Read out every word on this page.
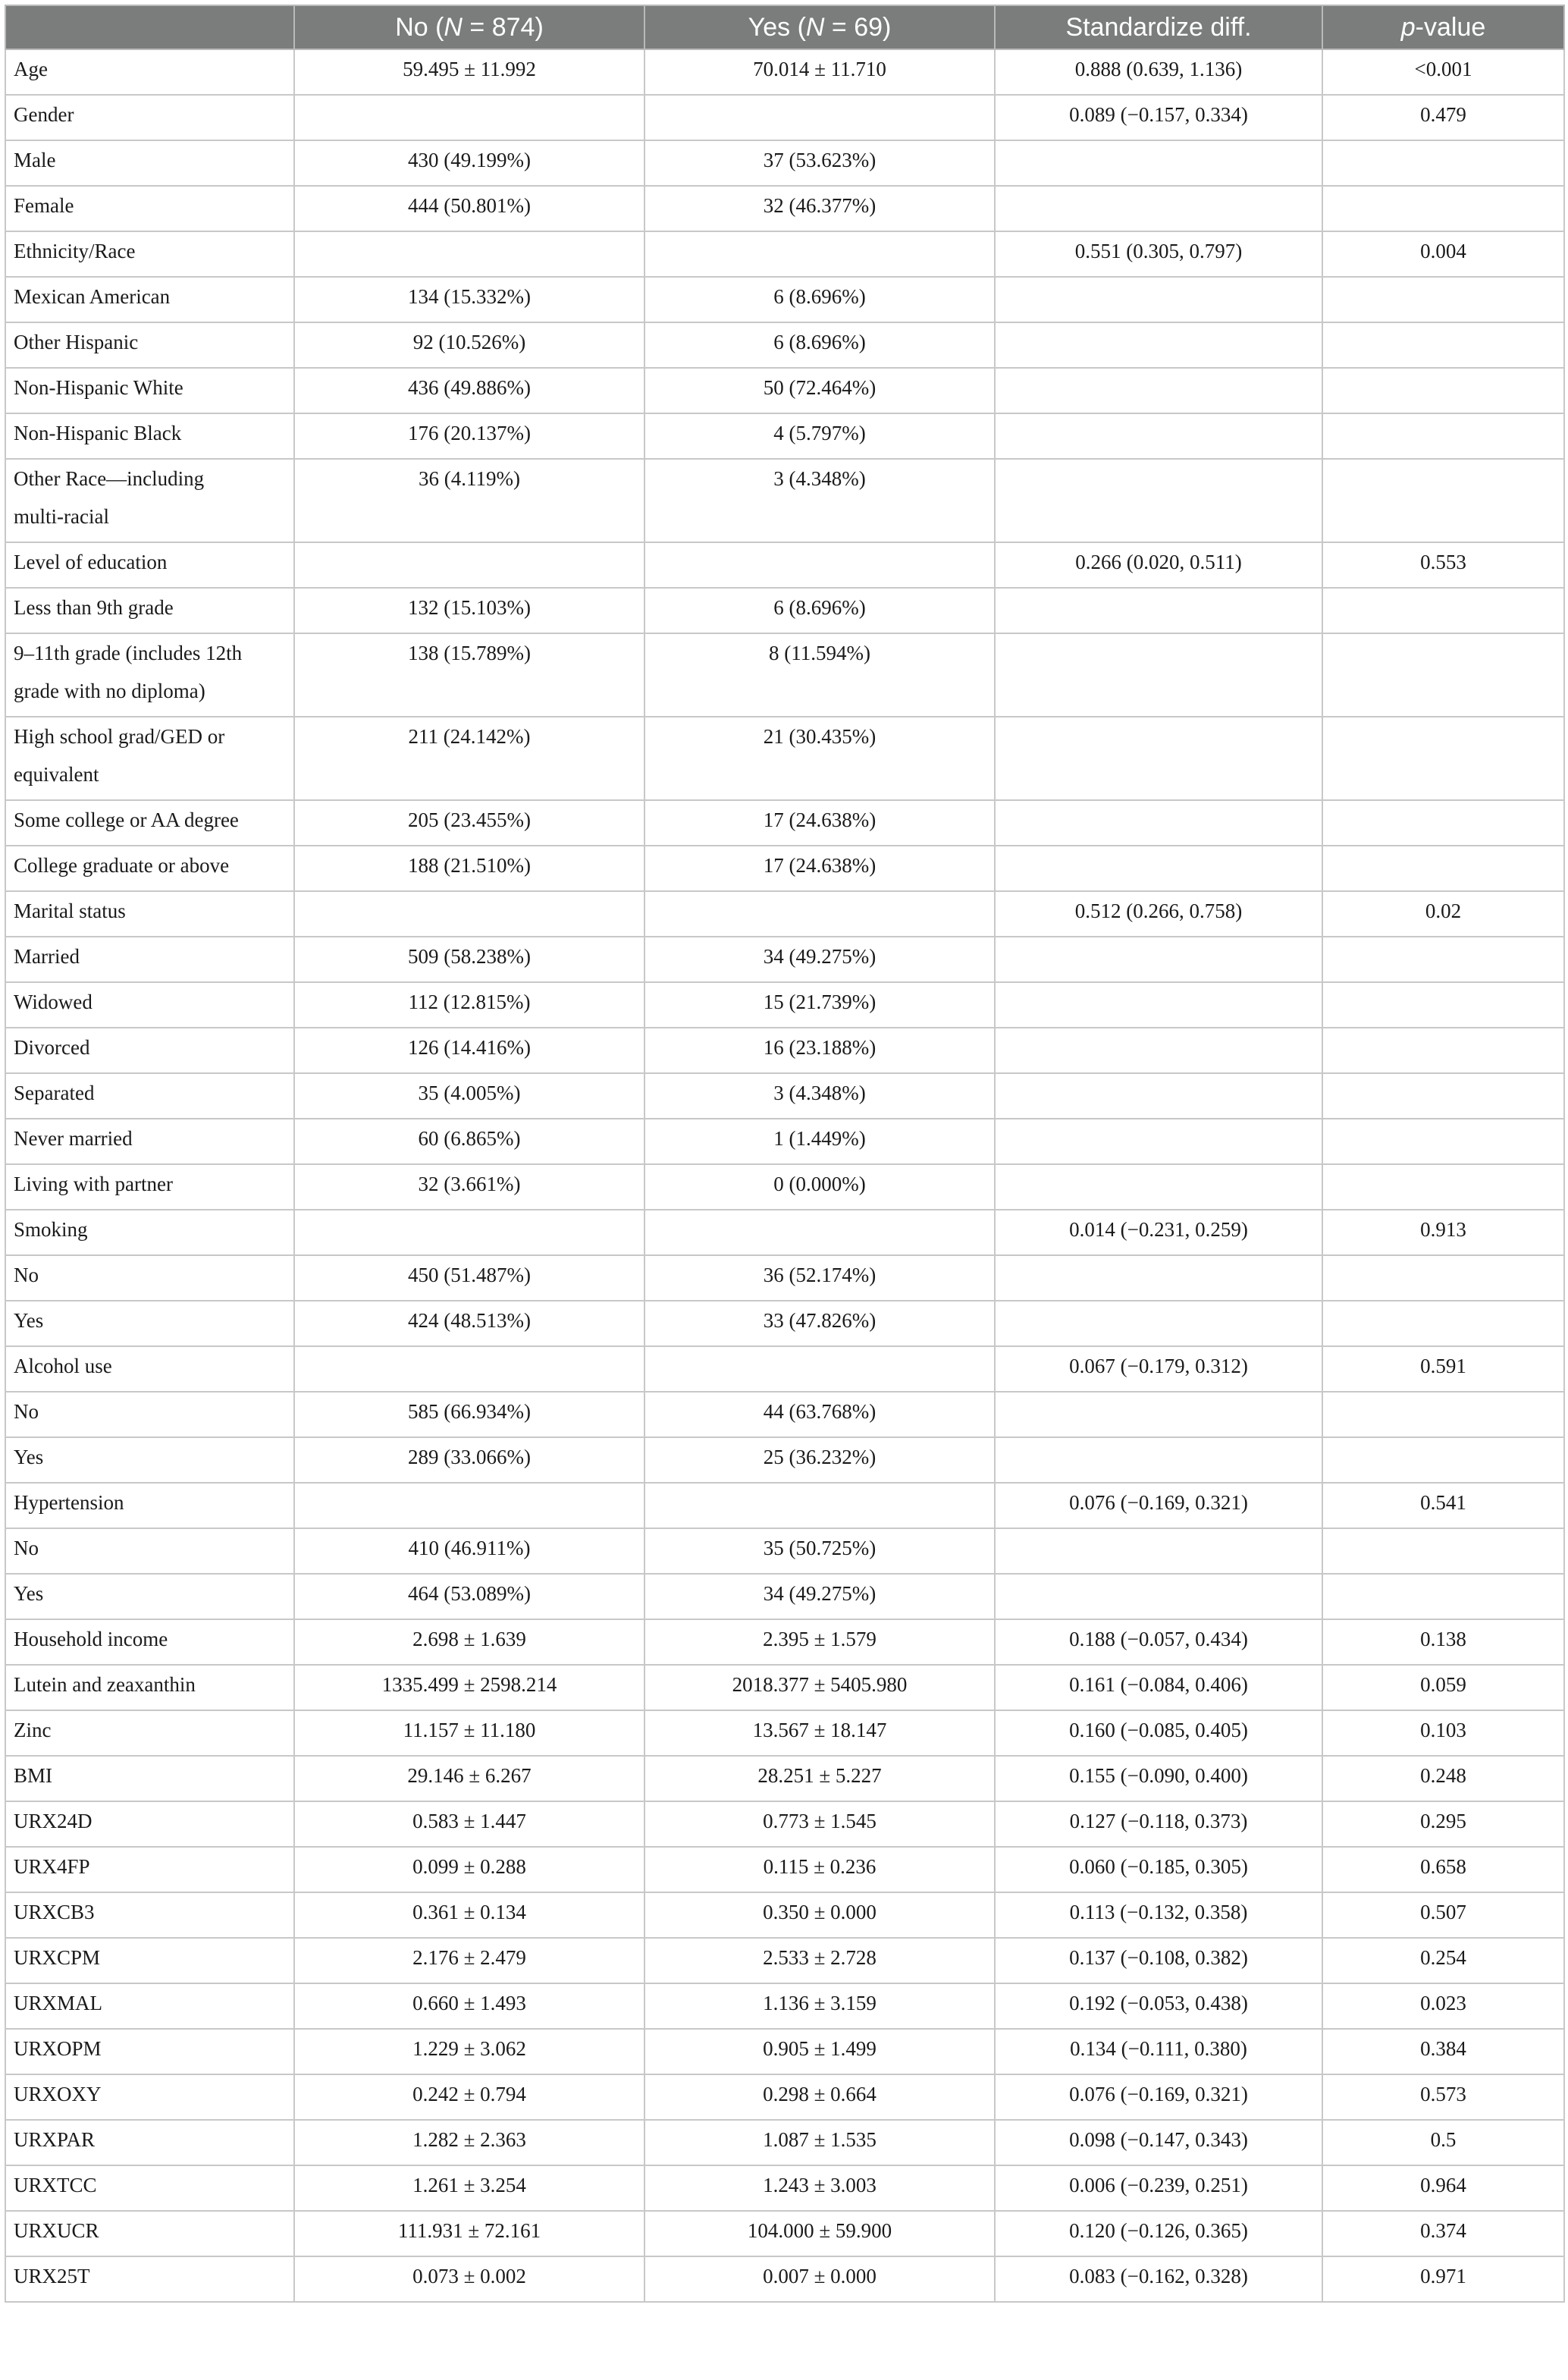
	No (N = 874)	Yes (N = 69)	Standardize diff.	p-value
Age	59.495 ± 11.992	70.014 ± 11.710	0.888 (0.639, 1.136)	<0.001
Gender			0.089 (−0.157, 0.334)	0.479
Male	430 (49.199%)	37 (53.623%)		
Female	444 (50.801%)	32 (46.377%)		
Ethnicity/Race			0.551 (0.305, 0.797)	0.004
Mexican American	134 (15.332%)	6 (8.696%)		
Other Hispanic	92 (10.526%)	6 (8.696%)		
Non-Hispanic White	436 (49.886%)	50 (72.464%)		
Non-Hispanic Black	176 (20.137%)	4 (5.797%)		

Other Race—including
multi-racial	36 (4.119%)	3 (4.348%)		
Level of education			0.266 (0.020, 0.511)	0.553
Less than 9th grade	132 (15.103%)	6 (8.696%)		

9–11th grade (includes 12th
grade with no diploma)	138 (15.789%)	8 (11.594%)		

High school grad/GED or
equivalent	211 (24.142%)	21 (30.435%)		
Some college or AA degree	205 (23.455%)	17 (24.638%)		
College graduate or above	188 (21.510%)	17 (24.638%)		
Marital status			0.512 (0.266, 0.758)	0.02
Married	509 (58.238%)	34 (49.275%)		
Widowed	112 (12.815%)	15 (21.739%)		
Divorced	126 (14.416%)	16 (23.188%)		
Separated	35 (4.005%)	3 (4.348%)		
Never married	60 (6.865%)	1 (1.449%)		
Living with partner	32 (3.661%)	0 (0.000%)		
Smoking			0.014 (−0.231, 0.259)	0.913
No	450 (51.487%)	36 (52.174%)		
Yes	424 (48.513%)	33 (47.826%)		
Alcohol use			0.067 (−0.179, 0.312)	0.591
No	585 (66.934%)	44 (63.768%)		
Yes	289 (33.066%)	25 (36.232%)		
Hypertension			0.076 (−0.169, 0.321)	0.541
No	410 (46.911%)	35 (50.725%)		
Yes	464 (53.089%)	34 (49.275%)		
Household income	2.698 ± 1.639	2.395 ± 1.579	0.188 (−0.057, 0.434)	0.138
Lutein and zeaxanthin	1335.499 ± 2598.214	2018.377 ± 5405.980	0.161 (−0.084, 0.406)	0.059
Zinc	11.157 ± 11.180	13.567 ± 18.147	0.160 (−0.085, 0.405)	0.103
BMI	29.146 ± 6.267	28.251 ± 5.227	0.155 (−0.090, 0.400)	0.248
URX24D	0.583 ± 1.447	0.773 ± 1.545	0.127 (−0.118, 0.373)	0.295
URX4FP	0.099 ± 0.288	0.115 ± 0.236	0.060 (−0.185, 0.305)	0.658
URXCB3	0.361 ± 0.134	0.350 ± 0.000	0.113 (−0.132, 0.358)	0.507
URXCPM	2.176 ± 2.479	2.533 ± 2.728	0.137 (−0.108, 0.382)	0.254
URXMAL	0.660 ± 1.493	1.136 ± 3.159	0.192 (−0.053, 0.438)	0.023
URXOPM	1.229 ± 3.062	0.905 ± 1.499	0.134 (−0.111, 0.380)	0.384
URXOXY	0.242 ± 0.794	0.298 ± 0.664	0.076 (−0.169, 0.321)	0.573
URXPAR	1.282 ± 2.363	1.087 ± 1.535	0.098 (−0.147, 0.343)	0.5
URXTCC	1.261 ± 3.254	1.243 ± 3.003	0.006 (−0.239, 0.251)	0.964
URXUCR	111.931 ± 72.161	104.000 ± 59.900	0.120 (−0.126, 0.365)	0.374
URX25T	0.073 ± 0.002	0.007 ± 0.000	0.083 (−0.162, 0.328)	0.971
